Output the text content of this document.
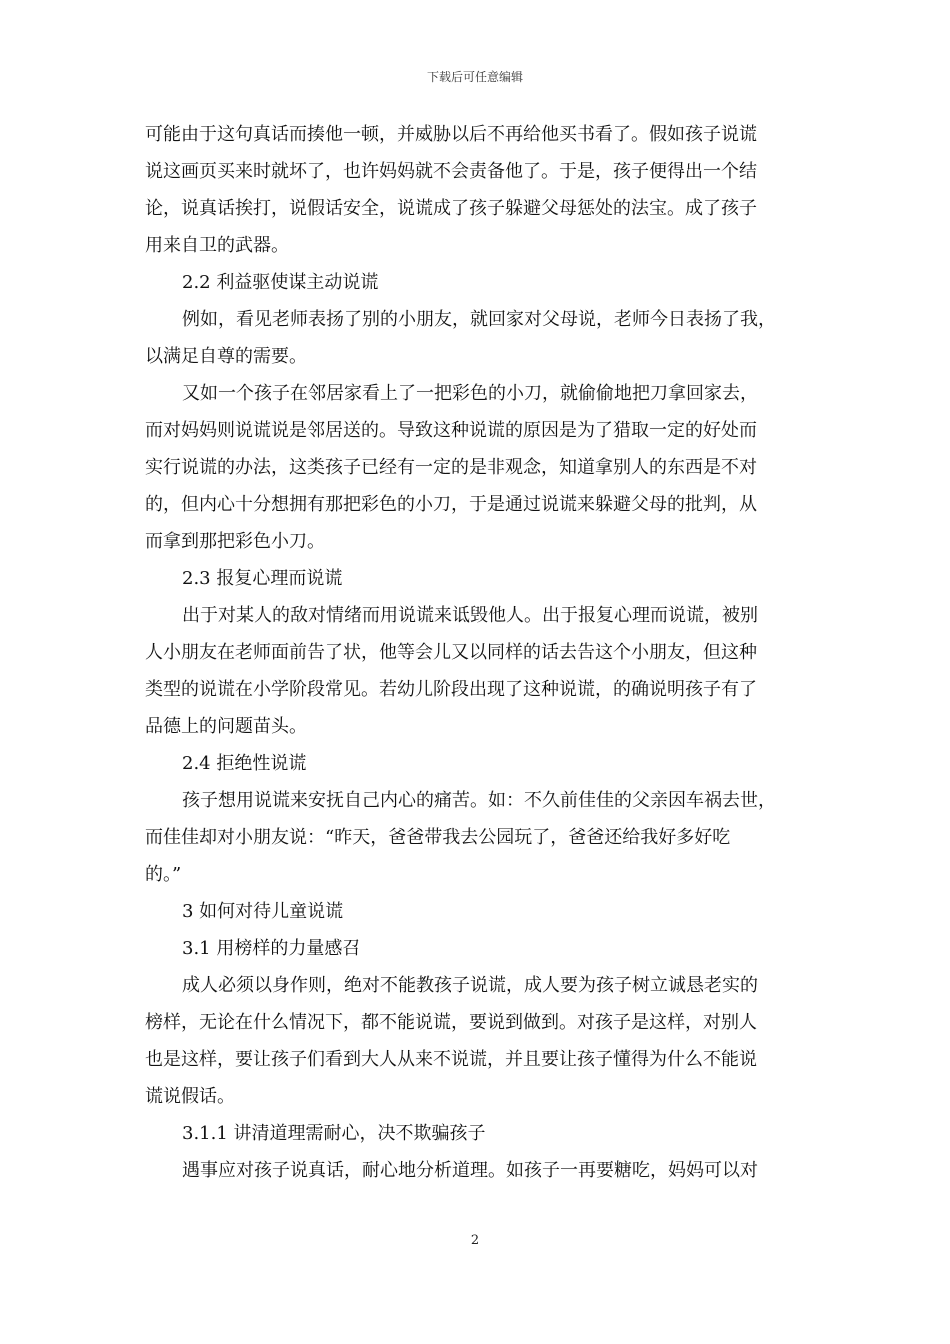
下载后可任意编辑
可能由于这句真话而揍他一顿，并威胁以后不再给他买书看了。假如孩子说谎
说这画页买来时就坏了，也许妈妈就不会责备他了。于是，孩子便得出一个结
论，说真话挨打，说假话安全，说谎成了孩子躲避父母惩处的法宝。成了孩子
用来自卫的武器。
2.2 利益驱使谋主动说谎
例如，看见老师表扬了别的小朋友，就回家对父母说，老师今日表扬了我，
以满足自尊的需要。
又如一个孩子在邻居家看上了一把彩色的小刀，就偷偷地把刀拿回家去，
而对妈妈则说谎说是邻居送的。导致这种说谎的原因是为了猎取一定的好处而
实行说谎的办法，这类孩子已经有一定的是非观念，知道拿别人的东西是不对
的，但内心十分想拥有那把彩色的小刀，于是通过说谎来躲避父母的批判，从
而拿到那把彩色小刀。
2.3 报复心理而说谎
出于对某人的敌对情绪而用说谎来诋毁他人。出于报复心理而说谎，被别
人小朋友在老师面前告了状，他等会儿又以同样的话去告这个小朋友，但这种
类型的说谎在小学阶段常见。若幼儿阶段出现了这种说谎，的确说明孩子有了
品德上的问题苗头。
2.4 拒绝性说谎
孩子想用说谎来安抚自己内心的痛苦。如：不久前佳佳的父亲因车祸去世，
而佳佳却对小朋友说：“昨天，爸爸带我去公园玩了，爸爸还给我好多好吃
的。”
3 如何对待儿童说谎
3.1 用榜样的力量感召
成人必须以身作则，绝对不能教孩子说谎，成人要为孩子树立诚恳老实的
榜样，无论在什么情况下，都不能说谎，要说到做到。对孩子是这样，对别人
也是这样，要让孩子们看到大人从来不说谎，并且要让孩子懂得为什么不能说
谎说假话。
3.1.1 讲清道理需耐心，决不欺骗孩子
遇事应对孩子说真话，耐心地分析道理。如孩子一再要糖吃，妈妈可以对
2
